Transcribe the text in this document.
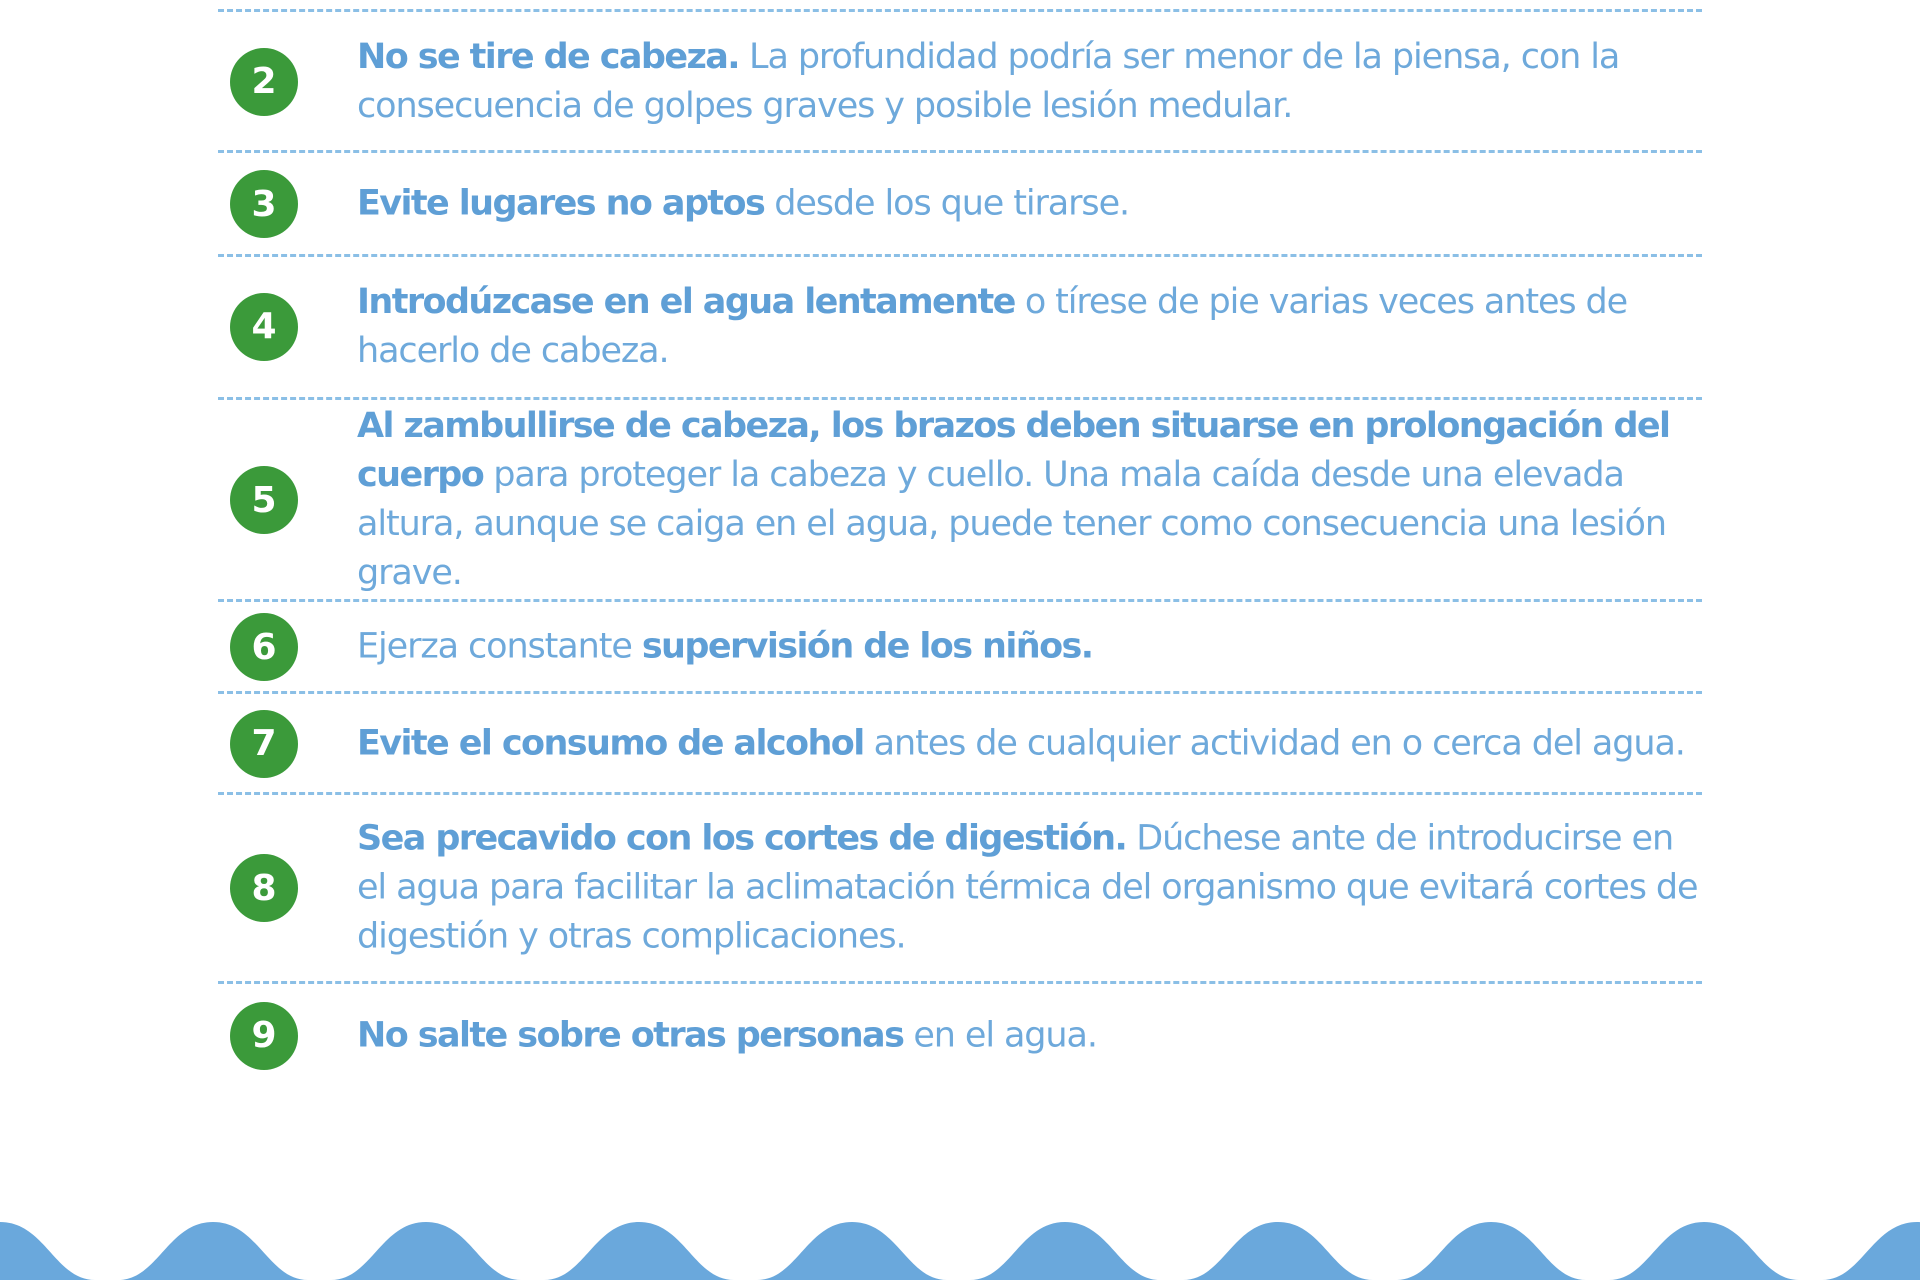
2
No se tire de cabeza. La profundidad podría ser menor de la piensa, con la consecuencia de golpes graves y posible lesión medular.
3	Evite lugares no aptos desde los que tirarse.
4
Introdúzcase en el agua lentamente o tírese de pie varias veces antes de hacerlo de cabeza.
5
Al zambullirse de cabeza, los brazos deben situarse en prolongación del cuerpo para proteger la cabeza y cuello. Una mala caída desde una elevada altura, aunque se caiga en el agua, puede tener como consecuencia una lesión grave.
6	Ejerza constante supervisión de los niños.
7	Evite el consumo de alcohol antes de cualquier actividad en o cerca del agua.
8
Sea precavido con los cortes de digestión. Dúchese ante de introducirse en el agua para facilitar la aclimatación térmica del organismo que evitará cortes de digestión y otras complicaciones.
9	No salte sobre otras personas en el agua.
